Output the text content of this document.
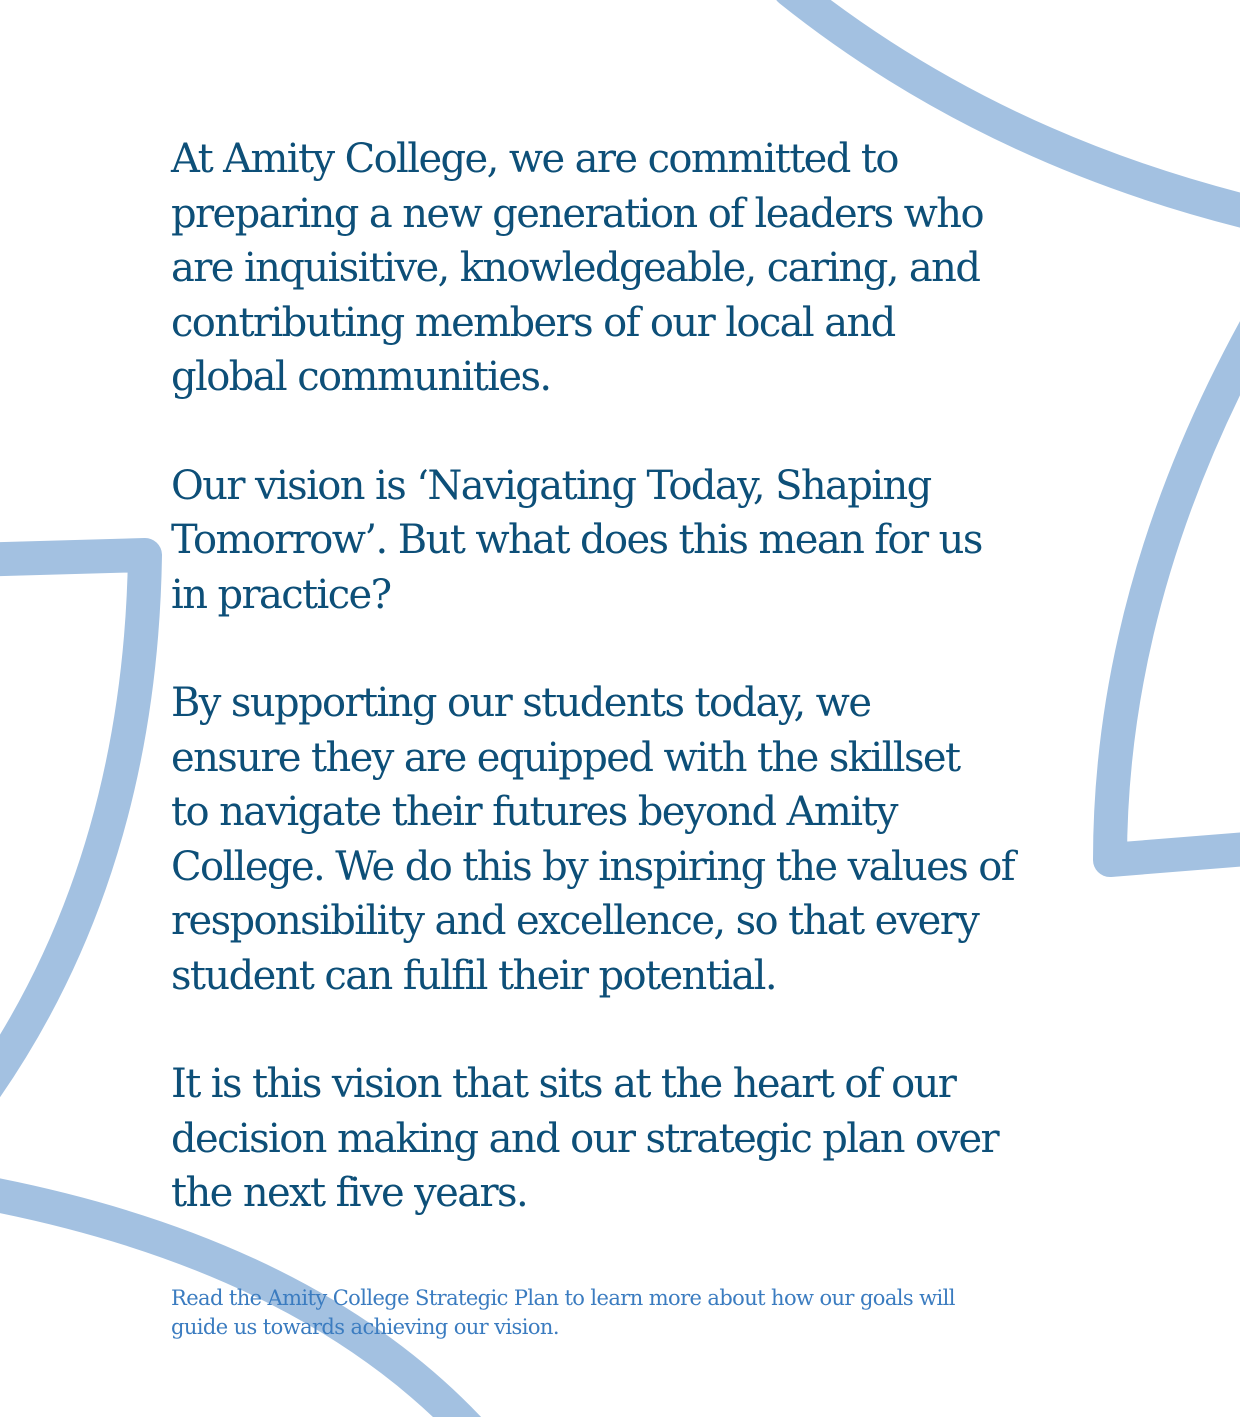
At Amity College, we are committed to
preparing a new generation of leaders who
are inquisitive, knowledgeable, caring, and
contributing members of our local and
global communities.

Our vision is ‘Navigating Today, Shaping
Tomorrow’. But what does this mean for us
in practice?

By supporting our students today, we
ensure they are equipped with the skillset
to navigate their futures beyond Amity
College. We do this by inspiring the values of
responsibility and excellence, so that every
student can fulfil their potential.

It is this vision that sits at the heart of our
decision making and our strategic plan over
the next five years.

Read the Amity College Strategic Plan to learn more about how our goals will
guide us towards achieving our vision.
